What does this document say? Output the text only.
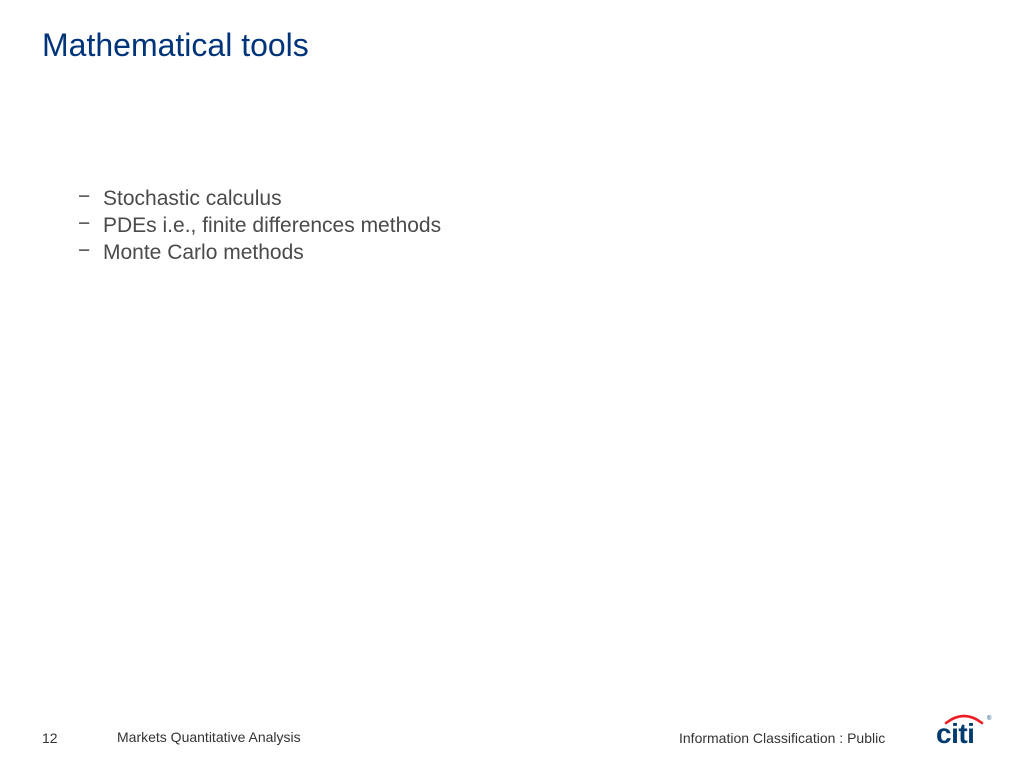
Mathematical tools
− Stochastic calculus
− PDEs i.e., finite differences methods
− Monte Carlo methods
12	Markets Quantitative Analysis	Information Classification : Public citi ®
